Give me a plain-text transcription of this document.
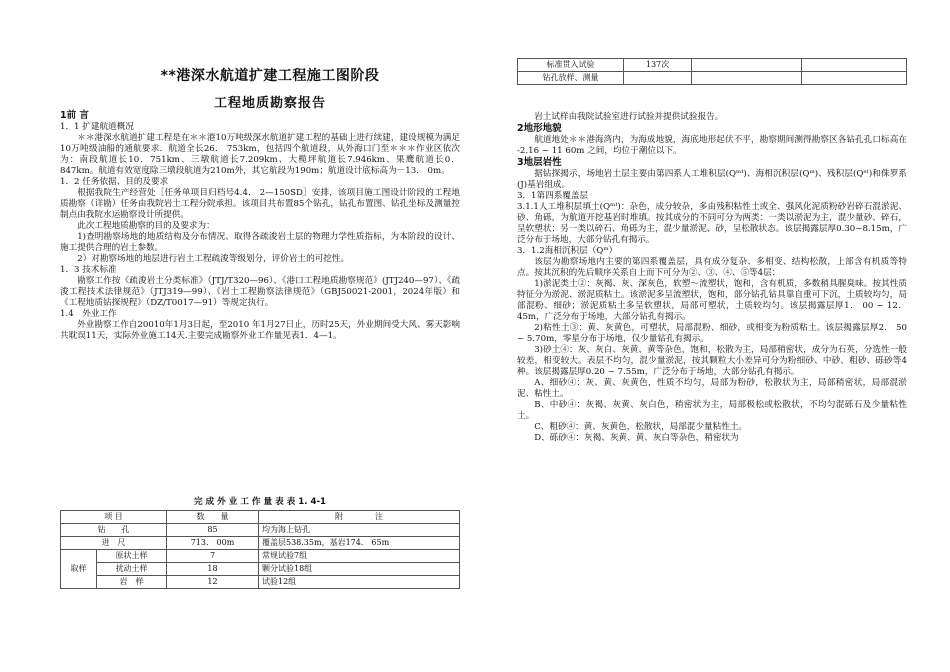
**港深水航道扩建工程施工图阶段
工程地质勘察报告

1前 言

1．1 扩建航道概况

＊＊港深水航道扩建工程是在＊＊港10万吨级深水航道扩建工程的基础上进行续建，建设规模为满足10万吨级油船的通航要求．航道全长26． 753km，包括四个航道段，从外海口门至＊＊＊作业区依次为：南段航道长10．751km、三墩航道长7.209km、大榄坪航道长7.946km、果鹰航道长0． 847km。航道有效宽度除三墩段航道为210m外，其它航段为190m；航道设计底标高为－13． 0m。

1．2 任务依据、目的及要求

根据我院生产经营处［任务单项目归档号4.4． 2—150SD］安排，该项目施工图设计阶段的工程地质勘察（详勘）任务由我院岩土工程分院承担。该项目共布置85个钻孔，钻孔布置图、钻孔坐标及测量控制点由我院水运勘察设计所提供。

此次工程地质勘察的目的及要求为：

1)查明勘察场地的地质结构及分布情况、取得各疏浚岩土层的物理力学性质指标，为本阶段的设计、施工提供合理的岩土参数。

2）对勘察场地的地层进行岩土工程疏浚等级划分，评价岩土的可挖性。

1．3 技术标准

勘察工作按《疏浚岩土分类标准》（JTJ/T320—96）、《港口工程地质勘察规范》(JTJ240—97）、《疏浚工程技术法律规范》（JTJ319—99）、《岩土工程勘察法律规范》（GBJ50021-2001，2024年版）和《工程地质钻探规程》（DZ/T0017—91）等规定执行。

1.4　外业工作

外业勘察工作自20010年1月3日起，至2010 年1月27日止，历时25天，外业期间受大风、雾天影响共耽误11天，实际外业施工14天.主要完成勘察外业工作量见表1．4—1。

完 成 外 业 工 作 量 表 表 1. 4-1
项 目		数　　量	附　　　　注
钻　　孔		85	均为海上钻孔
进　尺		713． 00m	覆盖层538.35m，基岩174． 65m
取样	原状土样	7	常规试验7组
	扰动土样	18	颗分试验18组
	岩　样	12	试验12组
标准贯入试验	137次		
钻孔放样、测量			

岩土试样由我院试验室进行试验并提供试验报告。

2地形地貌

航道地处＊＊港海湾内，为海成地貌，海底地形起伏不平，勘察期间测得勘察区各钻孔孔口标高在 -2.16 ~ 11 60m 之间，均位于潮位以下。

3地层岩性

据钻探揭示，场地岩土层主要由第四系人工堆积层(Qᵐˡ)、海相沉积层(Qᵐ)、残积层(Qᵉˡ)和侏罗系(J)基岩组成。

3．1第四系覆盖层

3.1.1人工堆积层填土(Qᵐˡ)：杂色，成分较杂，多由残积粘性土或全、强风化泥质粉砂岩碎石混淤泥、砂、角砾，为航道开挖基岩时堆填。按其成分的不同可分为两类：一类以淤泥为主，混少量砂、碎石，呈软塑状；另一类以碎石、角砾为主，混少量淤泥、砂，呈松散状态。该层揭露层厚0.30~8.15m，广泛分布于场地，大部分钻孔有揭示。

3．1.2海相沉积层（Qᵐ）

该层为勘察场地内主要的第四系覆盖层，具有成分复杂、多相变、结构松散，上部含有机质等特点。按其沉积的先后顺序关系自上而下可分为②、③、④、⑤等4层：

1)淤泥类土②：灰褐、灰、深灰色，软塑～流塑状，饱和，含有机质，多数稍具腥臭味。按其性质特征分为淤泥、淤泥质粘土。该淤泥多呈流塑状，饱和，部分钻孔钻具靠自重可下沉，土质较均匀，局部混粉、细砂；淤泥质粘土多呈软塑状，局部可塑状，土质较均匀。该层揭露层厚1． 00 ~ 12． 45m，广泛分布于场地，大部分钻孔有揭示。

2)粘性土③：黄、灰黄色，可塑状，局部混粉、细砂，或相变为粉质粘土。该层揭露层厚2． 50 ~ 5.70m，零星分布于场地，仅少量钻孔有揭示。

3)砂土④：灰、灰白、灰黄、黄等杂色，饱和，松散为主，局部稍密状，成分为石英，分选性一般较差，相变较大。表层不均匀，混少量淤泥，按其颗粒大小差异可分为粉细砂、中砂、粗砂、砾砂等4种。该层揭露层厚0.20 ~ 7.55m，广泛分布于场地，大部分钻孔有揭示。

A、细砂④：灰、黄、灰黄色，性质不均匀，局部为粉砂，松散状为主，局部稍密状，局部混淤泥、粘性土。

B、中砂④：灰褐、灰黄、灰白色，稍密状为主，局部极松或松散状，不均匀混砾石及少量粘性土。

C、粗砂④：黄、灰黄色，松散状，局部混少量粘性土。

D、砾砂④：灰褐、灰黄、黄、灰白等杂色，稍密状为
